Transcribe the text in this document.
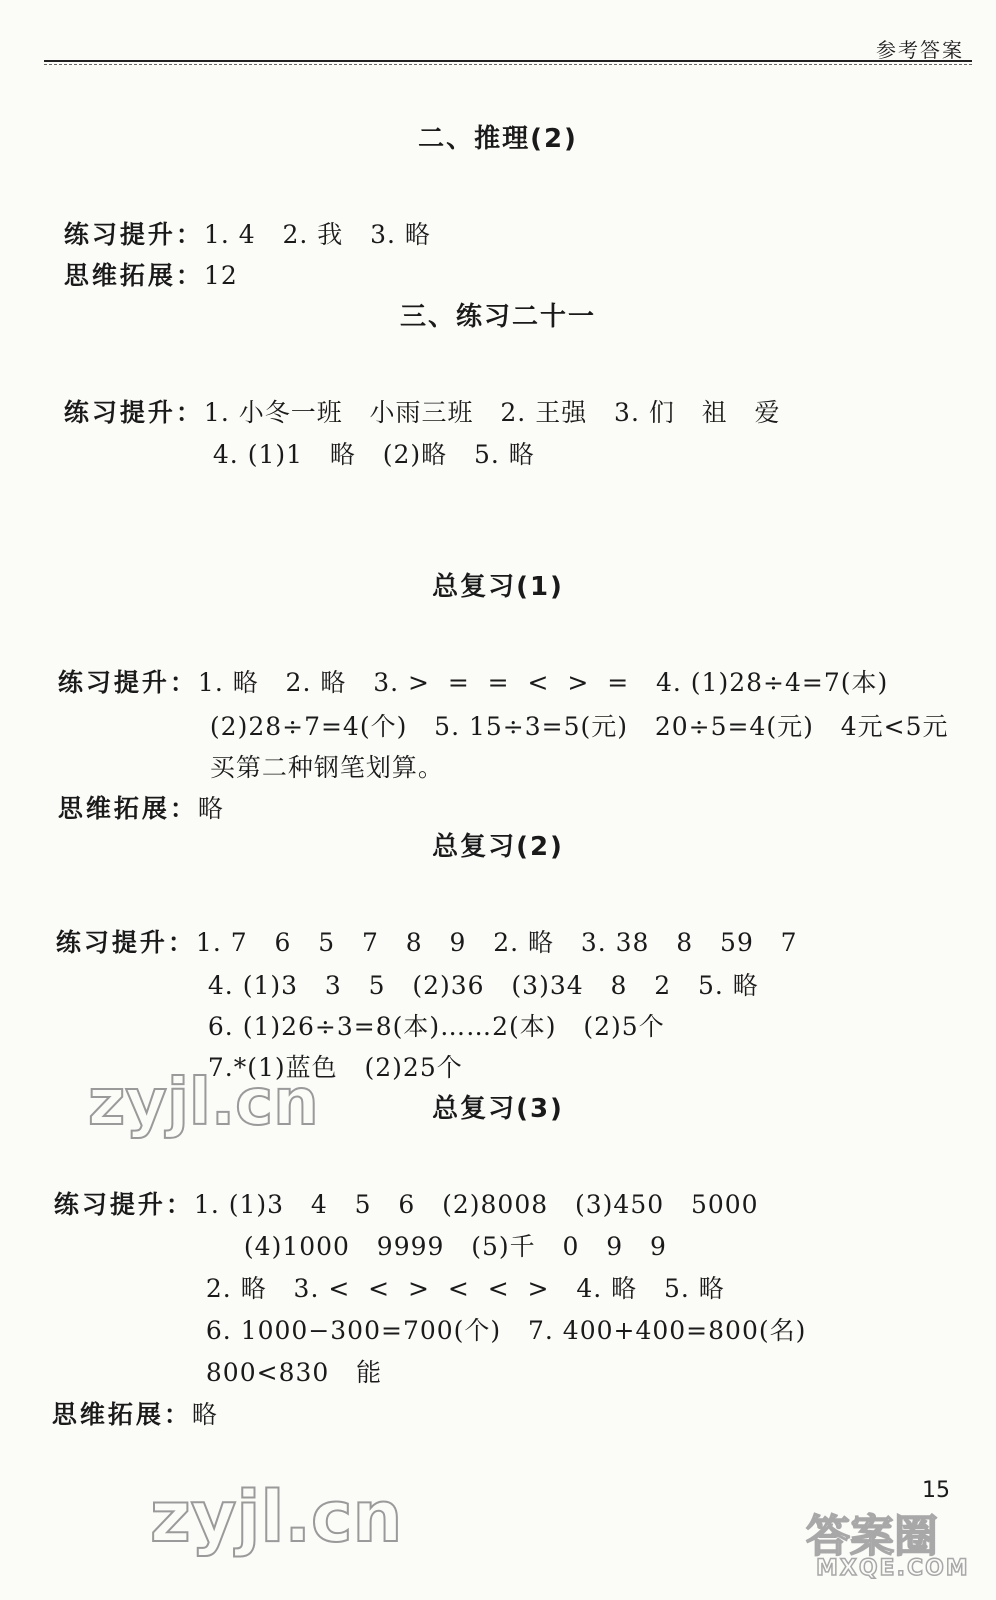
参考答案
二、推理(2)

练习提升：1. 4   2. 我   3. 略

思维拓展：12

三、练习二十一

练习提升：1. 小冬一班   小雨三班   2. 王强   3. 们   祖   爱

4. (1)1   略   (2)略   5. 略

总复习(1)

练习提升：1. 略   2. 略   3. >  =  =  <  >  =   4. (1)28÷4=7(本)

(2)28÷7=4(个)   5. 15÷3=5(元)   20÷5=4(元)   4元<5元

买第二种钢笔划算。

思维拓展：略

总复习(2)

练习提升：1. 7   6   5   7   8   9   2. 略   3. 38   8   59   7

4. (1)3   3   5   (2)36   (3)34   8   2   5. 略

6. (1)26÷3=8(本)……2(本)   (2)5个

7.*(1)蓝色   (2)25个

zyjl.cn	总复习(3)

练习提升：1. (1)3   4   5   6   (2)8008   (3)450   5000

(4)1000   9999   (5)千   0   9   9

2. 略   3. <  <  >  <  <  >   4. 略   5. 略

6. 1000−300=700(个)   7. 400+400=800(名)

800<830   能

思维拓展：略

zyjl.cn	答案圈
MXQE.COM
15
